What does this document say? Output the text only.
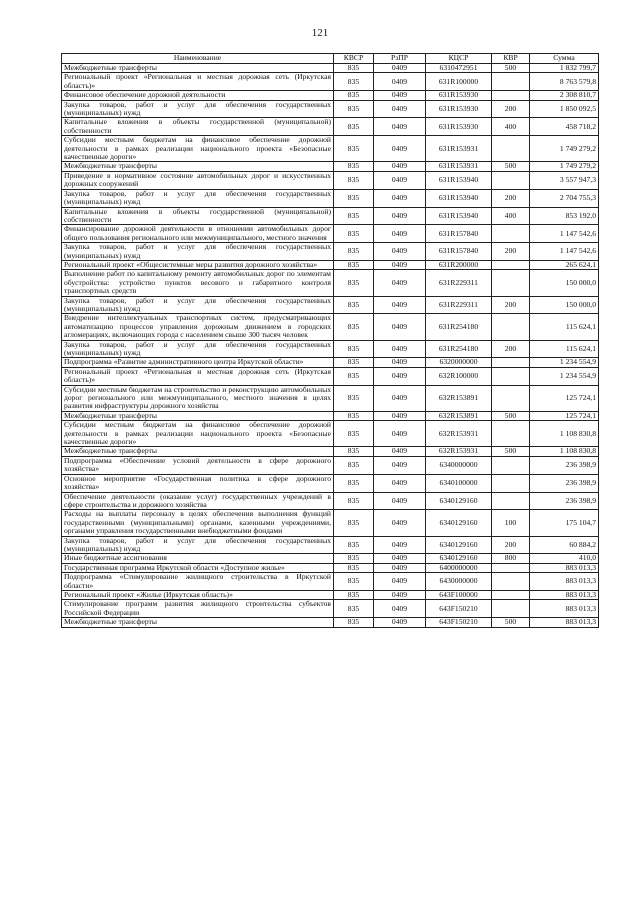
121
Наименование	КВСР	РзПР	КЦСР	КВР	Сумма
Межбюджетные трансферты	835	0409	6310472951	500	1 832 799,7
Региональный проект «Региональная и местная дорожная сеть (Иркутская область)»	835	0409	631R100000		8 763 579,8
Финансовое обеспечение дорожной деятельности	835	0409	631R153930		2 308 810,7
Закупка товаров, работ и услуг для обеспечения государственных (муниципальных) нужд	835	0409	631R153930	200	1 850 092,5
Капитальные вложения в объекты государственной (муниципальной) собственности	835	0409	631R153930	400	458 718,2
Субсидии местным бюджетам на финансовое обеспечение дорожной деятельности в рамках реализации национального проекта «Безопасные качественные дороги»	835	0409	631R153931		1 749 279,2
Межбюджетные трансферты	835	0409	631R153931	500	1 749 279,2
Приведение в нормативное состояние автомобильных дорог и искусственных дорожных сооружений	835	0409	631R153940		3 557 947,3
Закупка товаров, работ и услуг для обеспечения государственных (муниципальных) нужд	835	0409	631R153940	200	2 704 755,3
Капитальные вложения в объекты государственной (муниципальной) собственности	835	0409	631R153940	400	853 192,0
Финансирование дорожной деятельности в отношении автомобильных дорог общего пользования регионального или межмуниципального, местного значения	835	0409	631R157840		1 147 542,6
Закупка товаров, работ и услуг для обеспечения государственных (муниципальных) нужд	835	0409	631R157840	200	1 147 542,6
Региональный проект «Общесистемные меры развития дорожного хозяйства»	835	0409	631R200000		265 624,1
Выполнение работ по капитальному ремонту автомобильных дорог по элементам обустройства: устройство пунктов весового и габаритного контроля транспортных средств	835	0409	631R229311		150 000,0
Закупка товаров, работ и услуг для обеспечения государственных (муниципальных) нужд	835	0409	631R229311	200	150 000,0
Внедрение интеллектуальных транспортных систем, предусматривающих автоматизацию процессов управления дорожным движением в городских агломерациях, включающих города с населением свыше 300 тысяч человек	835	0409	631R254180		115 624,1
Закупка товаров, работ и услуг для обеспечения государственных (муниципальных) нужд	835	0409	631R254180	200	115 624,1
Подпрограмма «Развитие административного центра Иркутской области»	835	0409	6320000000		1 234 554,9
Региональный проект «Региональная и местная дорожная сеть (Иркутская область)»	835	0409	632R100000		1 234 554,9
Субсидии местным бюджетам на строительство и реконструкцию автомобильных дорог регионального или межмуниципального, местного значения в целях развития инфраструктуры дорожного хозяйства	835	0409	632R153891		125 724,1
Межбюджетные трансферты	835	0409	632R153891	500	125 724,1
Субсидии местным бюджетам на финансовое обеспечение дорожной деятельности в рамках реализации национального проекта «Безопасные качественные дороги»	835	0409	632R153931		1 108 830,8
Межбюджетные трансферты	835	0409	632R153931	500	1 108 830,8
Подпрограмма «Обеспечение условий деятельности в сфере дорожного хозяйства»	835	0409	6340000000		236 398,9
Основное мероприятие «Государственная политика в сфере дорожного хозяйства»	835	0409	6340100000		236 398,9
Обеспечение деятельности (оказание услуг) государственных учреждений в сфере строительства и дорожного хозяйства	835	0409	6340129160		236 398,9
Расходы на выплаты персоналу в целях обеспечения выполнения функций государственными (муниципальными) органами, казенными учреждениями, органами управления государственными внебюджетными фондами	835	0409	6340129160	100	175 104,7
Закупка товаров, работ и услуг для обеспечения государственных (муниципальных) нужд	835	0409	6340129160	200	60 884,2
Иные бюджетные ассигнования	835	0409	6340129160	800	410,0
Государственная программа Иркутской области «Доступное жилье»	835	0409	6400000000		883 013,3
Подпрограмма «Стимулирование жилищного строительства в Иркутской области»	835	0409	6430000000		883 013,3
Региональный проект «Жилье (Иркутская область)»	835	0409	643F100000		883 013,3
Стимулирование программ развития жилищного строительства субъектов Российской Федерации	835	0409	643F150210		883 013,3
Межбюджетные трансферты	835	0409	643F150210	500	883 013,3
